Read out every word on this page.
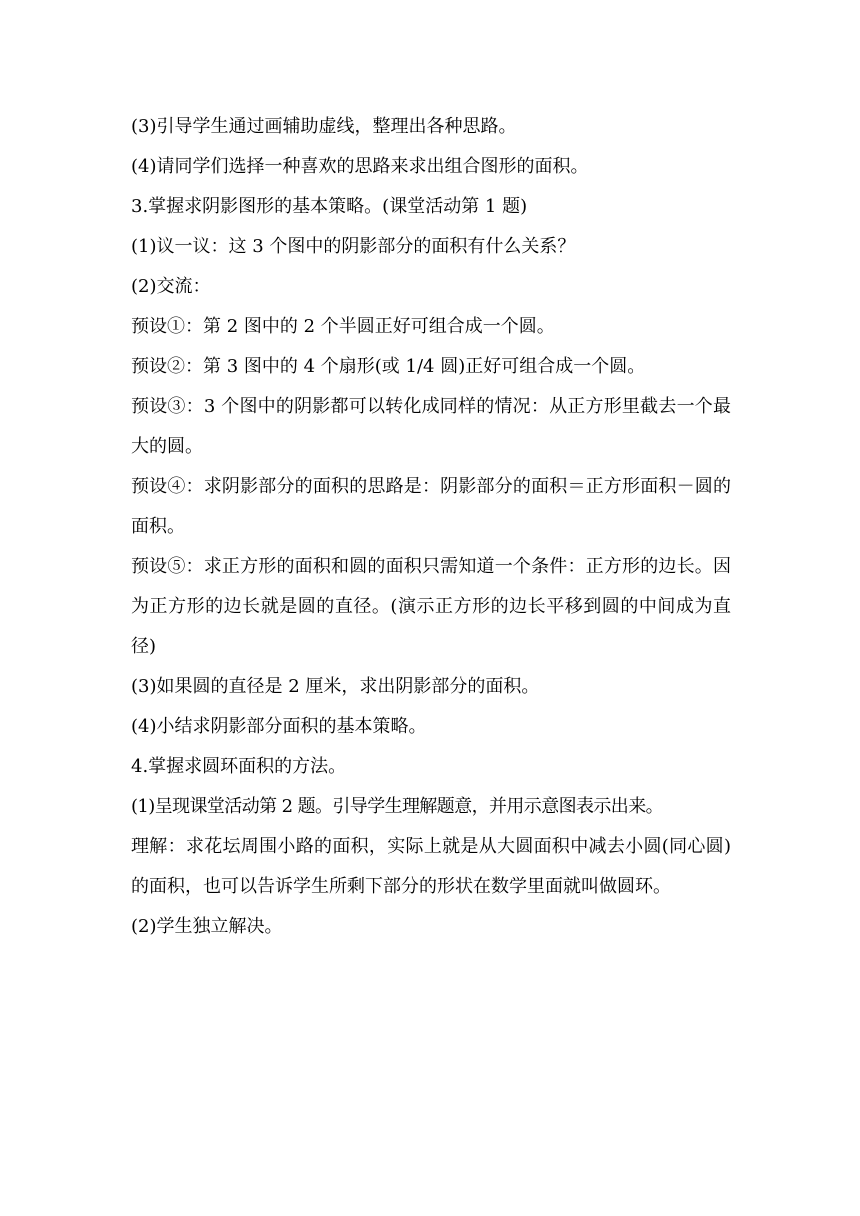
(3)引导学生通过画辅助虚线，整理出各种思路。

(4)请同学们选择一种喜欢的思路来求出组合图形的面积。

3.掌握求阴影图形的基本策略。(课堂活动第 1 题)

(1)议一议：这 3 个图中的阴影部分的面积有什么关系？

(2)交流：

预设①：第 2 图中的 2 个半圆正好可组合成一个圆。

预设②：第 3 图中的 4 个扇形(或 1/4 圆)正好可组合成一个圆。

预设③：3 个图中的阴影都可以转化成同样的情况：从正方形里截去一个最大的圆。

预设④：求阴影部分的面积的思路是：阴影部分的面积＝正方形面积－圆的面积。

预设⑤：求正方形的面积和圆的面积只需知道一个条件：正方形的边长。因为正方形的边长就是圆的直径。(演示正方形的边长平移到圆的中间成为直径)

(3)如果圆的直径是 2 厘米，求出阴影部分的面积。

(4)小结求阴影部分面积的基本策略。

4.掌握求圆环面积的方法。

(1)呈现课堂活动第 2 题。引导学生理解题意，并用示意图表示出来。

理解：求花坛周围小路的面积，实际上就是从大圆面积中减去小圆(同心圆)的面积，也可以告诉学生所剩下部分的形状在数学里面就叫做圆环。

(2)学生独立解决。
